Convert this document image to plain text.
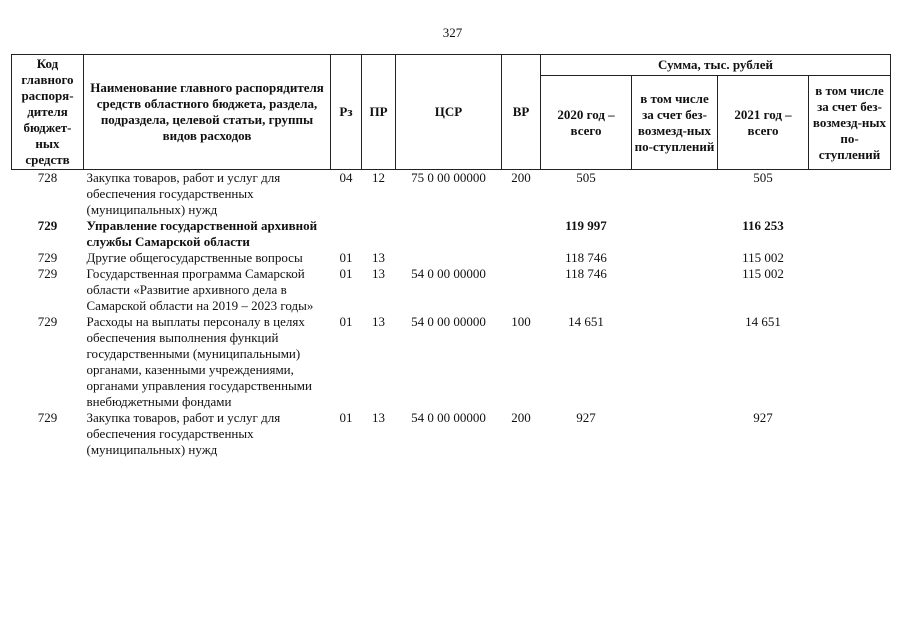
327
Код главного распоря-дителя бюджет-ных средств	Наименование главного распорядителя средств областного бюджета, раздела, подраздела, целевой статьи, группы видов расходов	Рз	ПР	ЦСР	ВР	Сумма, тыс. рублей			
						2020 год – всего	в том числе за счет без-возмезд-ных по-ступлений	2021 год – всего	в том числе за счет без-возмезд-ных по-ступлений
728	Закупка товаров, работ и услуг для обеспечения государственных (муниципальных) нужд	04	12	75 0 00 00000	200	505		505	
729	Управление государственной архивной службы Самарской области					119 997		116 253	
729	Другие общегосударственные вопросы	01	13			118 746		115 002	
729	Государственная программа Самарской области «Развитие архивного дела в Самарской области на 2019 – 2023 годы»	01	13	54 0 00 00000		118 746		115 002	
729	Расходы на выплаты персоналу в целях обеспечения выполнения функций государственными (муниципальными) органами, казенными учреждениями, органами управления государственными внебюджетными фондами	01	13	54 0 00 00000	100	14 651		14 651	
729	Закупка товаров, работ и услуг для обеспечения государственных (муниципальных) нужд	01	13	54 0 00 00000	200	927		927	
